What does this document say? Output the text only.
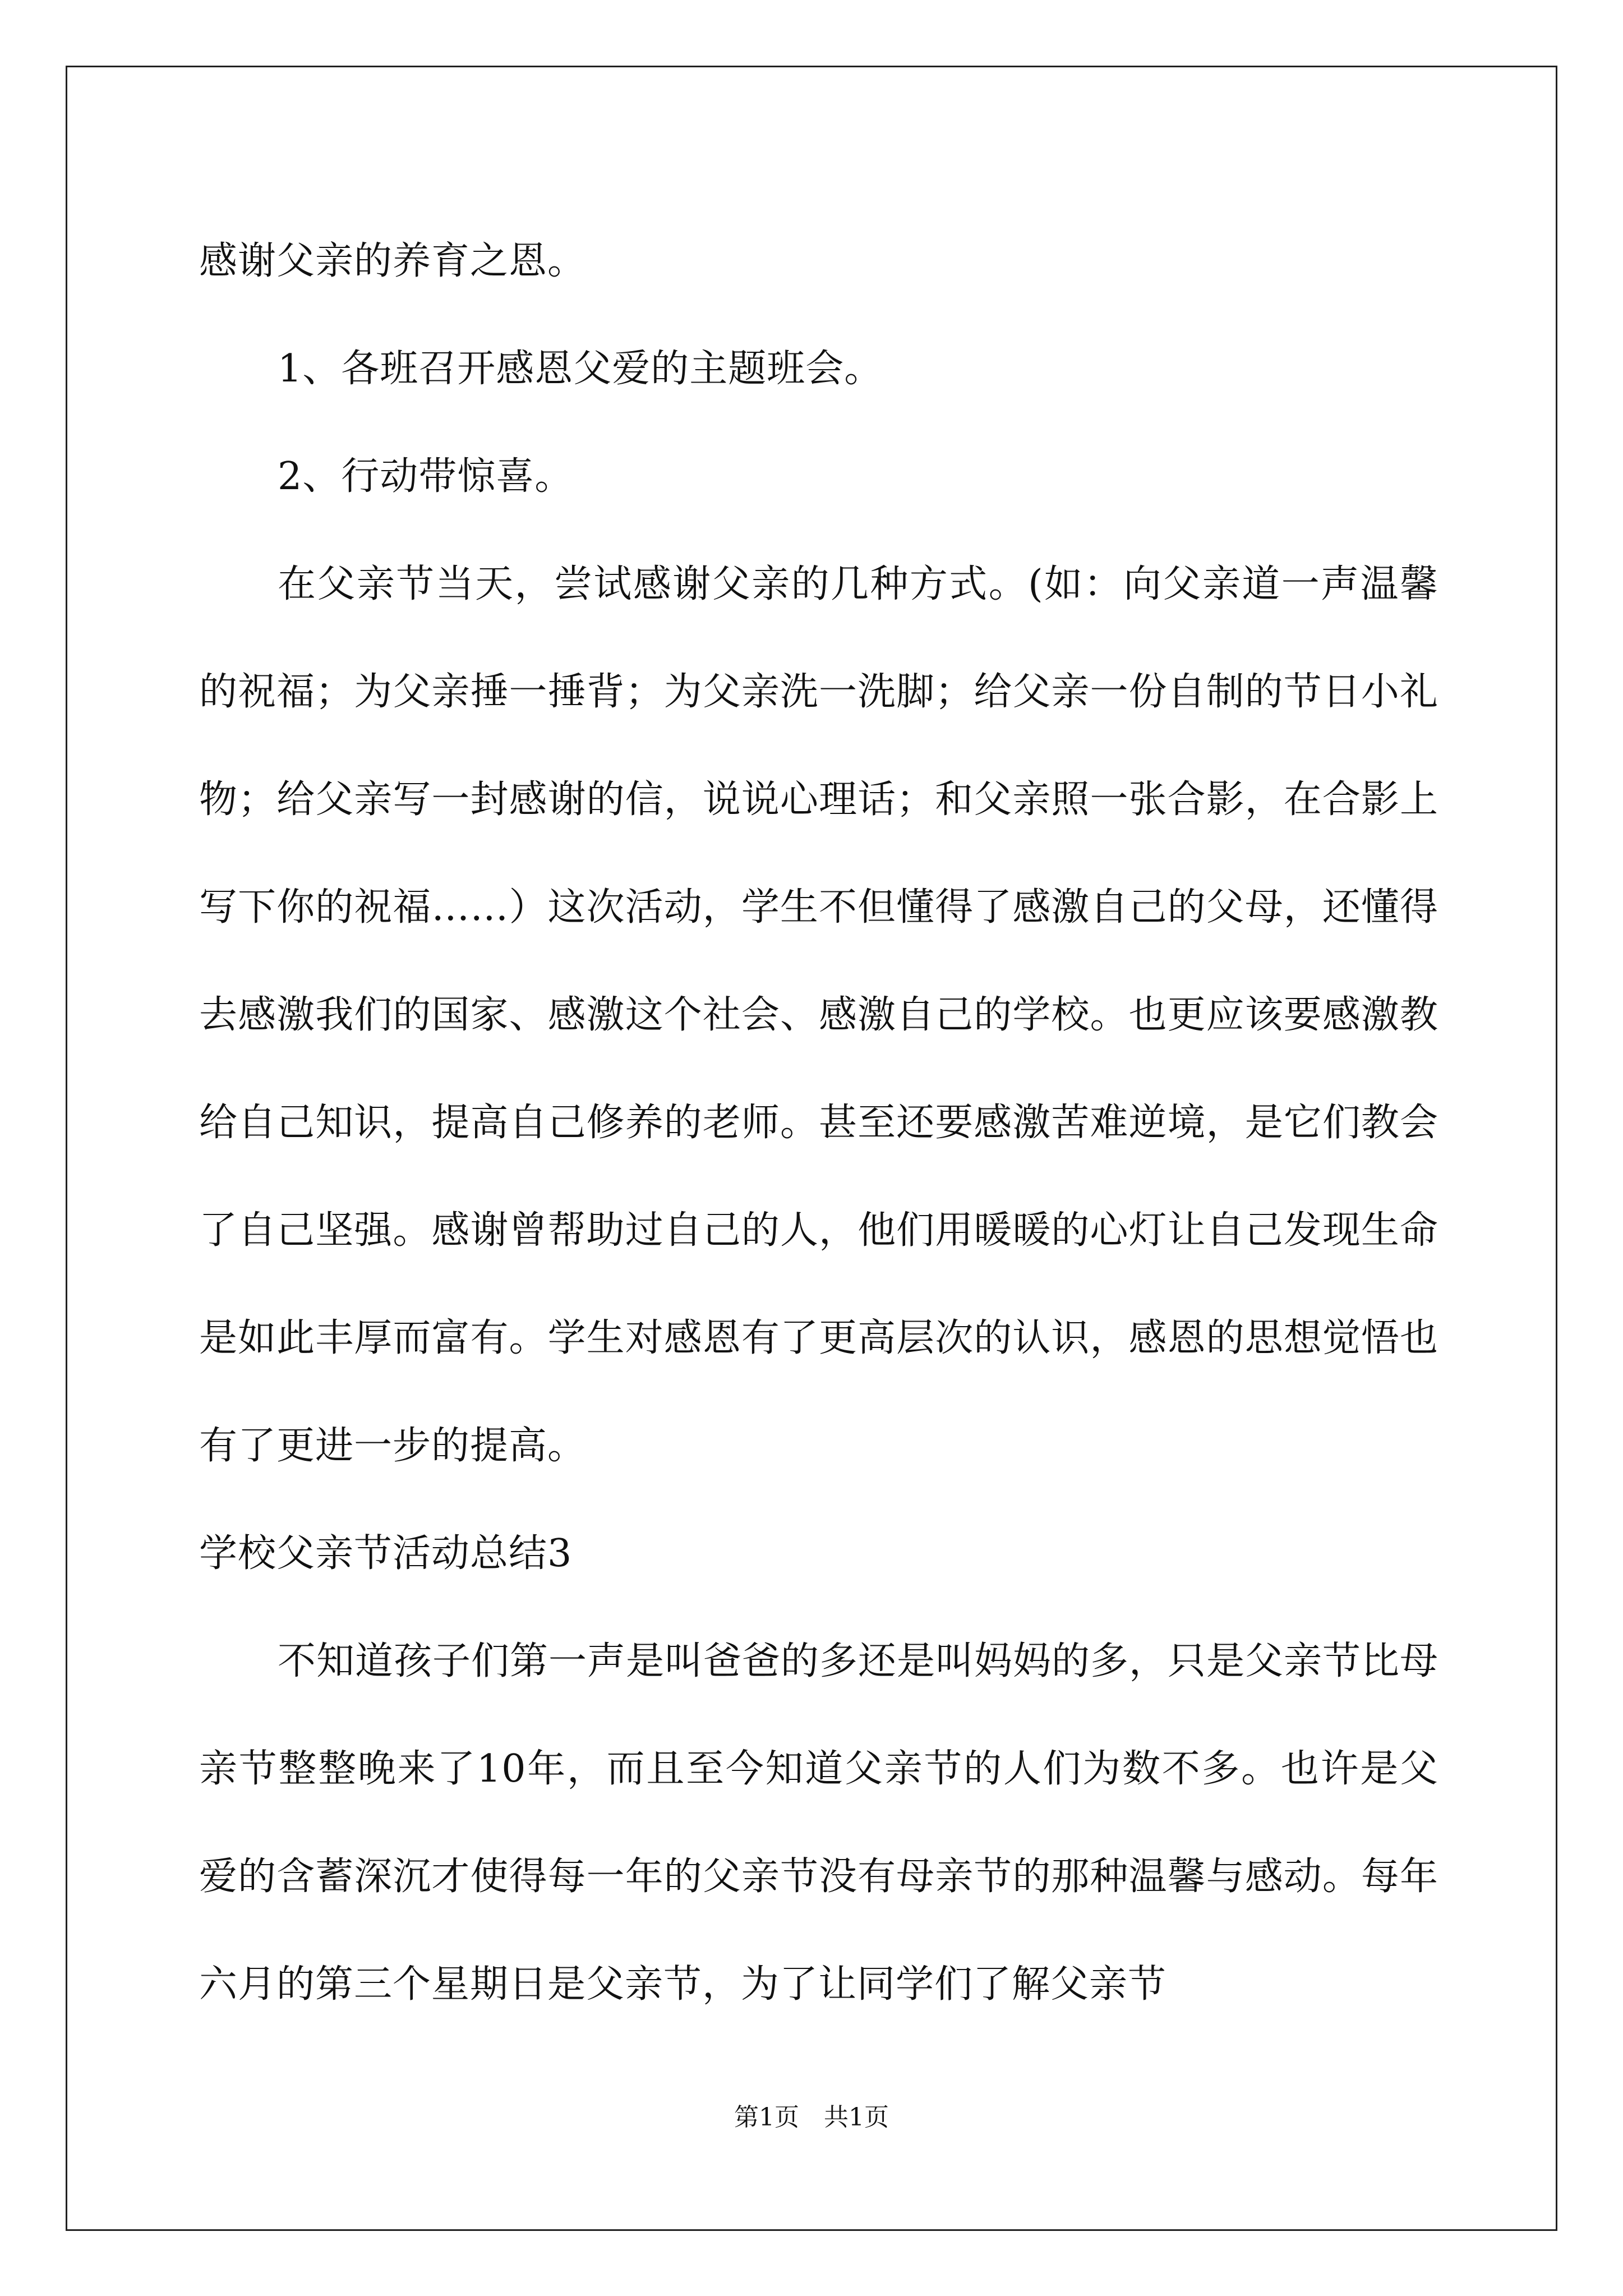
感谢父亲的养育之恩。

1、各班召开感恩父爱的主题班会。

2、行动带惊喜。

在父亲节当天，尝试感谢父亲的几种方式。(如：向父亲道一声温馨的祝福；为父亲捶一捶背；为父亲洗一洗脚；给父亲一份自制的节日小礼物；给父亲写一封感谢的信，说说心理话；和父亲照一张合影，在合影上写下你的祝福……）这次活动，学生不但懂得了感激自己的父母，还懂得去感激我们的国家、感激这个社会、感激自己的学校。也更应该要感激教给自己知识，提高自己修养的老师。甚至还要感激苦难逆境，是它们教会了自己坚强。感谢曾帮助过自己的人，他们用暖暖的心灯让自己发现生命是如此丰厚而富有。学生对感恩有了更高层次的认识，感恩的思想觉悟也有了更进一步的提高。

学校父亲节活动总结3

不知道孩子们第一声是叫爸爸的多还是叫妈妈的多，只是父亲节比母亲节整整晚来了10年，而且至今知道父亲节的人们为数不多。也许是父爱的含蓄深沉才使得每一年的父亲节没有母亲节的那种温馨与感动。每年六月的第三个星期日是父亲节，为了让同学们了解父亲节

第1页　共1页
